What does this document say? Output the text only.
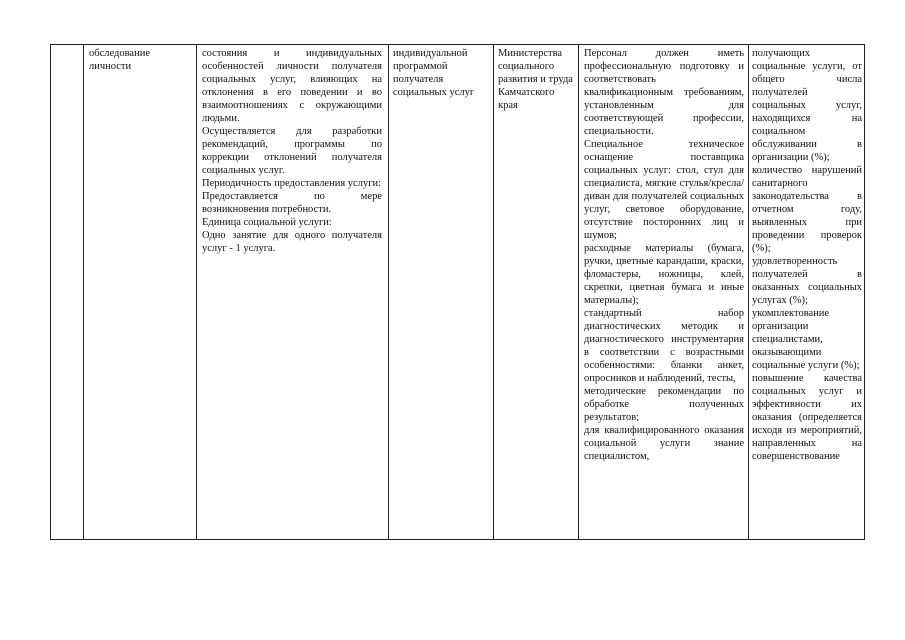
обследование личности

состояния и индивидуальных особенностей личности получателя социальных услуг, влияющих на отклонения в его поведении и во взаимоотношениях с окружающими людьми.

Осуществляется для разработки рекомендаций, программы по коррекции отклонений получателя социальных услуг.

Периодичность предоставления услуги:

Предоставляется по мере возникновения потребности.

Единица социальной услуги:

Одно занятие для одного получателя услуг - 1 услуга.

индивидуальной программой получателя социальных услуг

Министерства социального развития и труда Камчатского края

Персонал должен иметь профессиональную подготовку и соответствовать квалификационным требованиям, установленным для соответствующей профессии, специальности.

Специальное техническое оснащение поставщика социальных услуг: стол, стул для специалиста, мягкие стулья/кресла/диван для получателей социальных услуг, световое оборудование, отсутствие посторонних лиц и шумов;

расходные материалы (бумага, ручки, цветные карандаши, краски, фломастеры, ножницы, клей, скрепки, цветная бумага и иные материалы);

стандартный набор диагностических методик и диагностического инструментария в соответствии с возрастными особенностями: бланки анкет, опросников и наблюдений, тесты,

методические рекомендации по обработке полученных результатов;

для квалифицированного оказания социальной услуги знание специалистом,

получающих социальные услуги, от общего числа получателей социальных услуг, находящихся на социальном обслуживании в организации (%);

количество нарушений санитарного законодательства в отчетном году, выявленных при проведении проверок (%);

удовлетворенность получателей в оказанных социальных услугах (%);

укомплектование организации специалистами, оказывающими социальные услуги (%);

повышение качества социальных услуг и эффективности их оказания (определяется исходя из мероприятий, направленных на совершенствование
